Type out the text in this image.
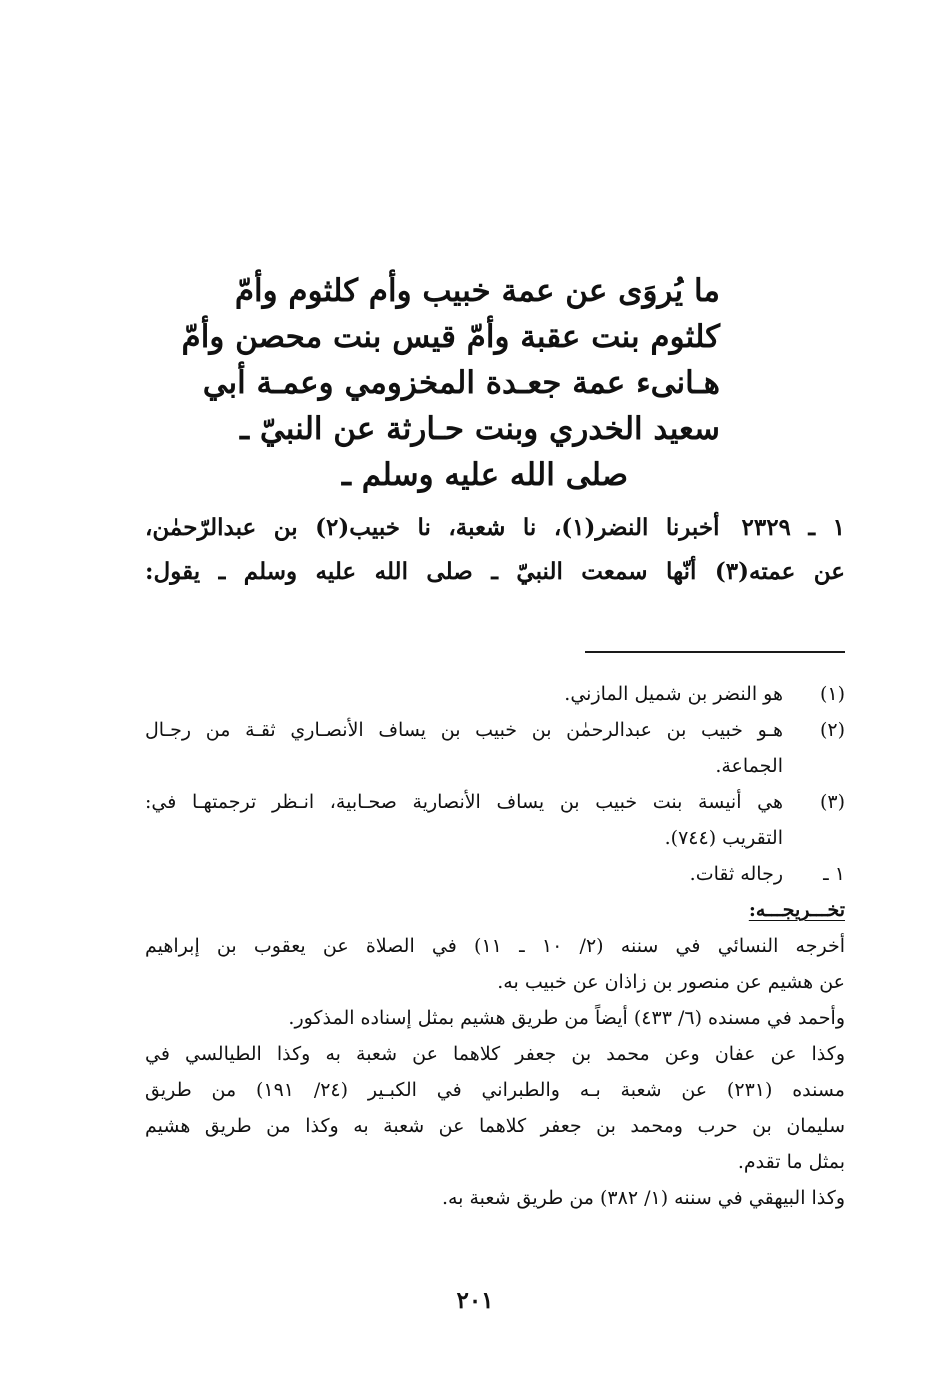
ما يُروَى عن عمة خبيب وأم كلثوم وأمّ
كلثوم بنت عقبة وأمّ قيس بنت محصن وأمّ
هـانىء عمة جعـدة المخزومي وعمـة أبي
سعيد الخدري وبنت حـارثة عن النبيّ ـ
صلى الله عليه وسلم ـ
١ ـ ٢٣٢٩أخبرنا النضر(١)، نا شعبة، نا خبيب(٢) بن عبدالرّحمٰن،
عن عمته(٣) أنّها سمعت النبيّ ـ صلى الله عليه وسلم ـ يقول:
(١)
هو النضر بن شميل المازني.
(٢)
هـو خبيب بن عبدالرحمٰن بن خبيب بن يساف الأنصـاري ثقـة من رجـال
الجماعة.
(٣)
هي أنيسة بنت خبيب بن يساف الأنصارية صحـابية، انـظر ترجمتهـا في:
التقريب (٧٤٤).
١ ـ
رجاله ثقات.
تخـــريجـــه:
أخرجه النسائي في سننه (٢/ ١٠ ـ ١١) في الصلاة عن يعقوب بن إبراهيم
عن هشيم عن منصور بن زاذان عن خبيب به.
وأحمد في مسنده (٦/ ٤٣٣) أيضاً من طريق هشيم بمثل إسناده المذكور.
وكذا عن عفان وعن محمد بن جعفر كلاهما عن شعبة به وكذا الطيالسي في
مسنده (٢٣١) عن شعبة بـه والطبراني في الكبـير (٢٤/ ١٩١) من طريق
سليمان بن حرب ومحمد بن جعفر كلاهما عن شعبة به وكذا من طريق هشيم
بمثل ما تقدم.
وكذا البيهقي في سننه (١/ ٣٨٢) من طريق شعبة به.
٢٠١
